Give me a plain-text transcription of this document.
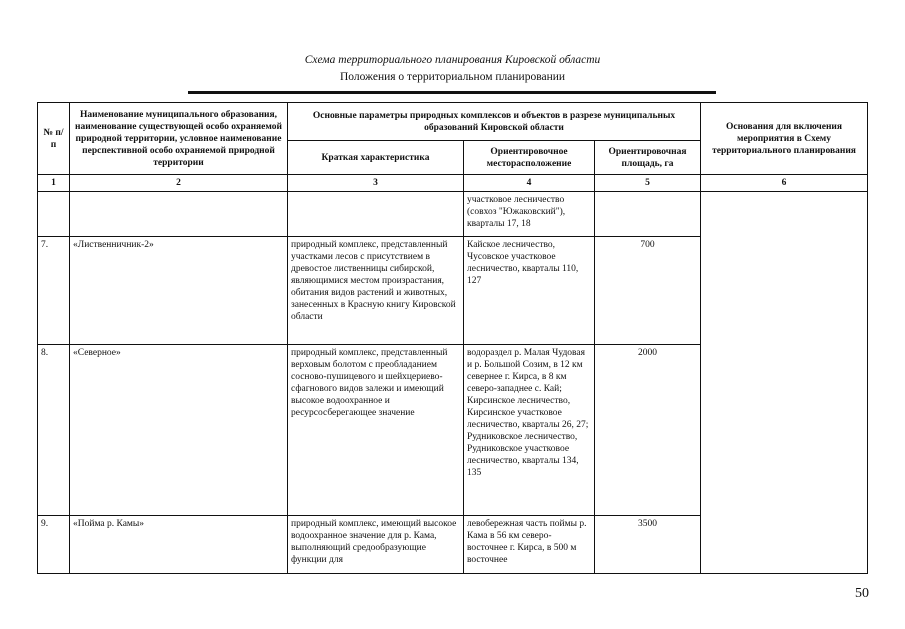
Схема территориального планирования Кировской области
Положения о территориальном планировании
№ п/п	Наименование муниципального образования, наименование существующей особо охраняемой природной территории, условное наименование перспективной особо охраняемой природной территории	Основные параметры природных комплексов и объектов в разрезе муниципальных образований Кировской области			Основания для включения мероприятия в Схему территориального планирования
		Краткая характеристика	Ориентировочное месторасположение	Ориентировочная площадь, га	
1	2	3	4	5	6
			участковое лесничество (совхоз "Южаковский"), кварталы 17, 18		
7.	«Лиственничник-2»	природный комплекс, представленный участками лесов с присутствием в древостое лиственницы сибирской, являющимися местом произрастания, обитания видов растений и животных, занесенных в Красную книгу Кировской области	Кайское лесничество, Чусовское участковое лесничество, кварталы 110, 127	700	
8.	«Северное»	природный комплекс, представленный верховым болотом с преобладанием сосново-пушицевого и шейхцериево-сфагнового видов залежи и имеющий высокое водоохранное и ресурсосберегающее значение	водораздел р. Малая Чудовая и р. Большой Созим, в 12 км севернее г. Кирса, в 8 км северо-западнее с. Кай; Кирсинское лесничество, Кирсинское участковое лесничество, кварталы 26, 27; Рудниковское лесничество, Рудниковское участковое лесничество, кварталы 134, 135	2000	
9.	«Пойма р. Камы»	природный комплекс, имеющий высокое водоохранное значение для р. Кама, выполняющий средообразующие функции для	левобережная часть поймы р. Кама в 56 км северо-восточнее г. Кирса, в 500 м восточнее	3500	
50
